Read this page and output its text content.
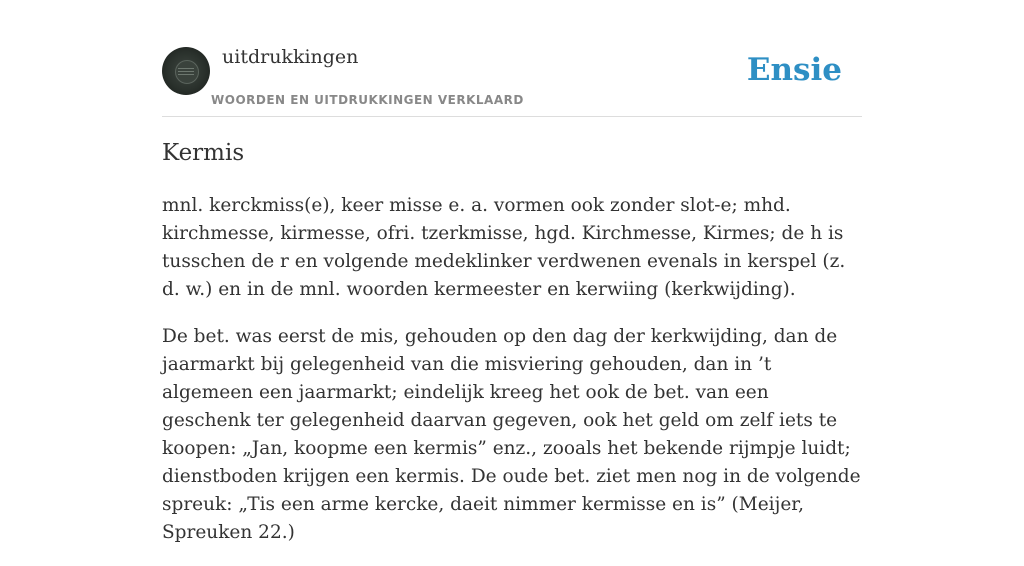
uitdrukkingen
WOORDEN EN UITDRUKKINGEN VERKLAARD
Ensie
Kermis

mnl. kerckmiss(e), keer misse e. a. vormen ook zonder slot-e; mhd. kirchmesse, kirmesse, ofri. tzerkmisse, hgd. Kirchmesse, Kirmes; de h is tusschen de r en volgende medeklinker verdwenen evenals in kerspel (z. d. w.) en in de mnl. woorden kermeester en kerwiing (kerkwijding).

De bet. was eerst de mis, gehouden op den dag der kerkwijding, dan de jaarmarkt bij gelegenheid van die misviering gehouden, dan in ’t algemeen een jaarmarkt; eindelijk kreeg het ook de bet. van een geschenk ter gelegenheid daarvan gegeven, ook het geld om zelf iets te koopen: „Jan, koopme een kermis” enz., zooals het bekende rijmpje luidt; dienstboden krijgen een kermis. De oude bet. ziet men nog in de volgende spreuk: „Tis een arme kercke, daeit nimmer kermisse en is” (Meijer, Spreuken 22.)
